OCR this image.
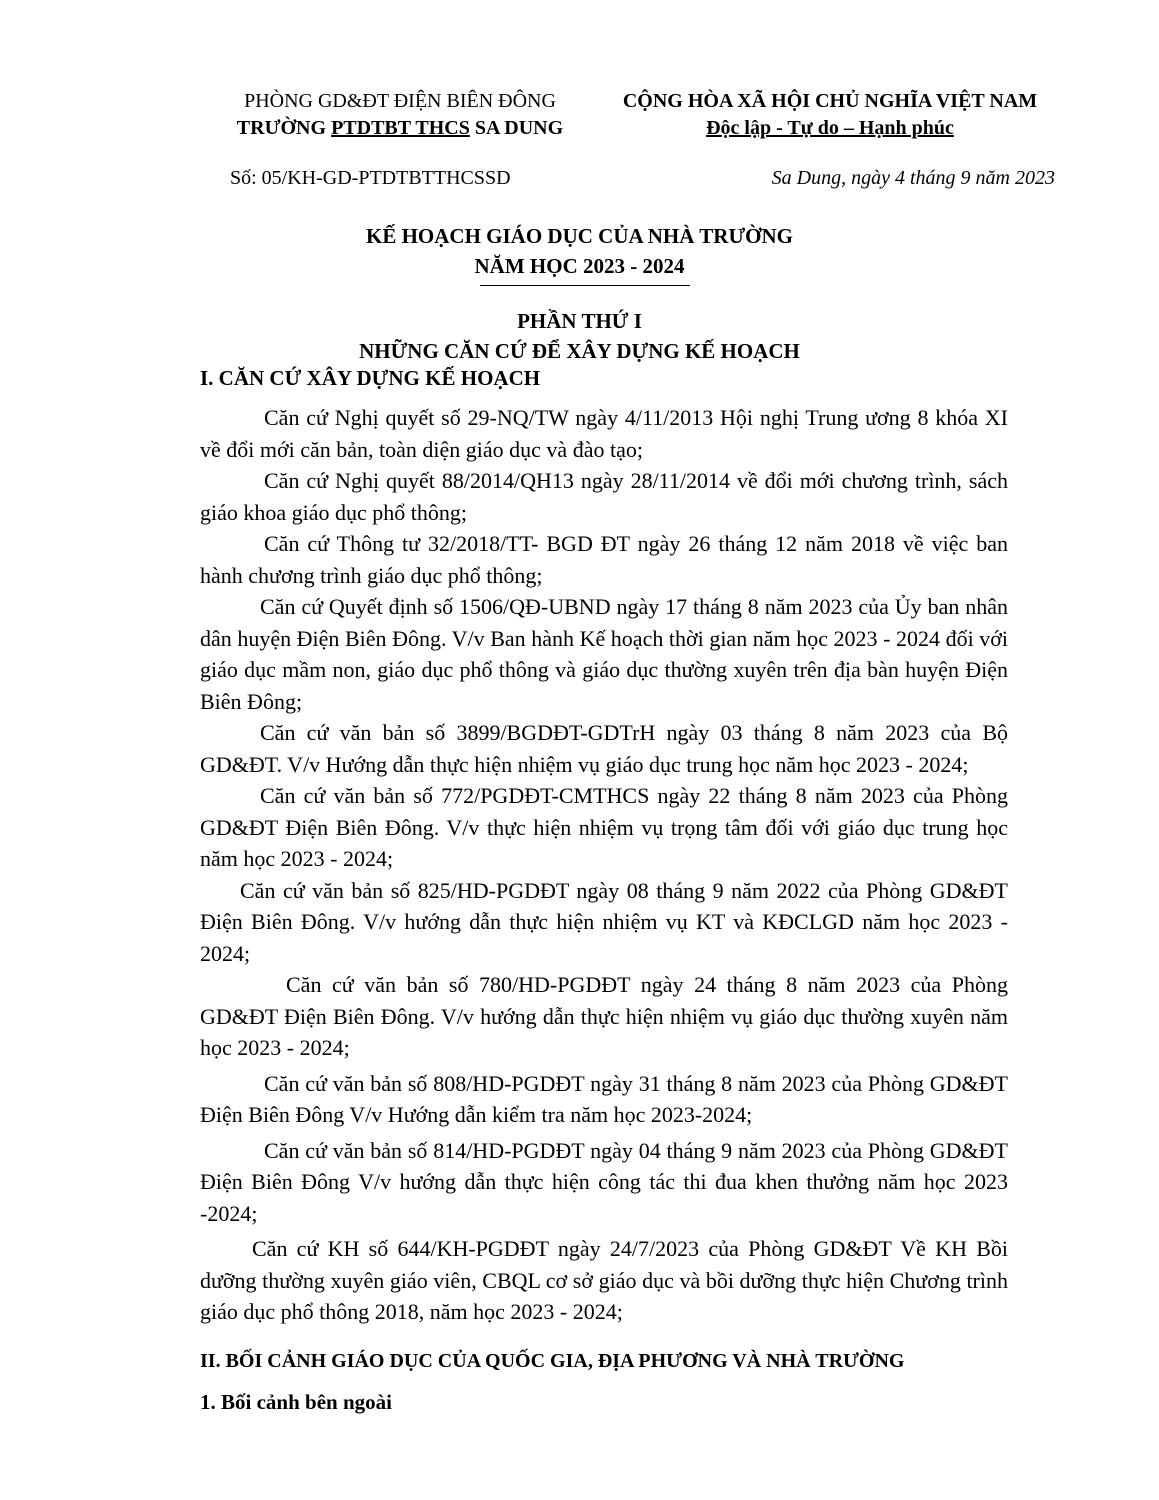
PHÒNG GD&ĐT ĐIỆN BIÊN ĐÔNG
TRƯỜNG PTDTBT THCS SA DUNG
CỘNG HÒA XÃ HỘI CHỦ NGHĨA VIỆT NAM
Độc lập - Tự do – Hạnh phúc
Số: 05/KH-GD-PTDTBTTHCSSD	Sa Dung, ngày 4 tháng 9 năm 2023
KẾ HOẠCH GIÁO DỤC CỦA NHÀ TRƯỜNG
NĂM HỌC 2023 - 2024
PHẦN THỨ I
NHỮNG CĂN CỨ ĐỂ XÂY DỰNG KẾ HOẠCH
I. CĂN CỨ XÂY DỰNG KẾ HOẠCH

Căn cứ Nghị quyết số 29-NQ/TW ngày 4/11/2013 Hội nghị Trung ương 8 khóa XI về đổi mới căn bản, toàn diện giáo dục và đào tạo;

Căn cứ Nghị quyết 88/2014/QH13 ngày 28/11/2014 về đổi mới chương trình, sách giáo khoa giáo dục phổ thông;

Căn cứ Thông tư 32/2018/TT- BGD ĐT ngày 26 tháng 12 năm 2018 về việc ban hành chương trình giáo dục phổ thông;

Căn cứ Quyết định số 1506/QĐ-UBND ngày 17 tháng 8 năm 2023 của Ủy ban nhân dân huyện Điện Biên Đông. V/v Ban hành Kế hoạch thời gian năm học 2023 - 2024 đối với giáo dục mầm non, giáo dục phổ thông và giáo dục thường xuyên trên địa bàn huyện Điện Biên Đông;

Căn cứ văn bản số 3899/BGDĐT-GDTrH ngày 03 tháng 8 năm 2023 của Bộ GD&ĐT. V/v Hướng dẫn thực hiện nhiệm vụ giáo dục trung học năm học 2023 - 2024;

Căn cứ văn bản số 772/PGDĐT-CMTHCS ngày 22 tháng 8 năm 2023 của Phòng GD&ĐT Điện Biên Đông. V/v thực hiện nhiệm vụ trọng tâm đối với giáo dục trung học năm học 2023 - 2024;

Căn cứ văn bản số 825/HD-PGDĐT ngày 08 tháng 9 năm 2022 của Phòng GD&ĐT Điện Biên Đông. V/v hướng dẫn thực hiện nhiệm vụ KT và KĐCLGD năm học 2023 - 2024;

Căn cứ văn bản số 780/HD-PGDĐT ngày 24 tháng 8 năm 2023 của Phòng GD&ĐT Điện Biên Đông. V/v hướng dẫn thực hiện nhiệm vụ giáo dục thường xuyên năm học 2023 - 2024;

Căn cứ văn bản số 808/HD-PGDĐT ngày 31 tháng 8 năm 2023 của Phòng GD&ĐT Điện Biên Đông V/v Hướng dẫn kiểm tra năm học 2023-2024;

Căn cứ văn bản số 814/HD-PGDĐT ngày 04 tháng 9 năm 2023 của Phòng GD&ĐT Điện Biên Đông V/v hướng dẫn thực hiện công tác thi đua khen thưởng năm học 2023 -2024;

Căn cứ KH số 644/KH-PGDĐT ngày 24/7/2023 của Phòng GD&ĐT Về KH Bồi dưỡng thường xuyên giáo viên, CBQL cơ sở giáo dục và bồi dưỡng thực hiện Chương trình giáo dục phổ thông 2018, năm học 2023 - 2024;

II. BỐI CẢNH GIÁO DỤC CỦA QUỐC GIA, ĐỊA PHƯƠNG VÀ NHÀ TRƯỜNG
1. Bối cảnh bên ngoài
